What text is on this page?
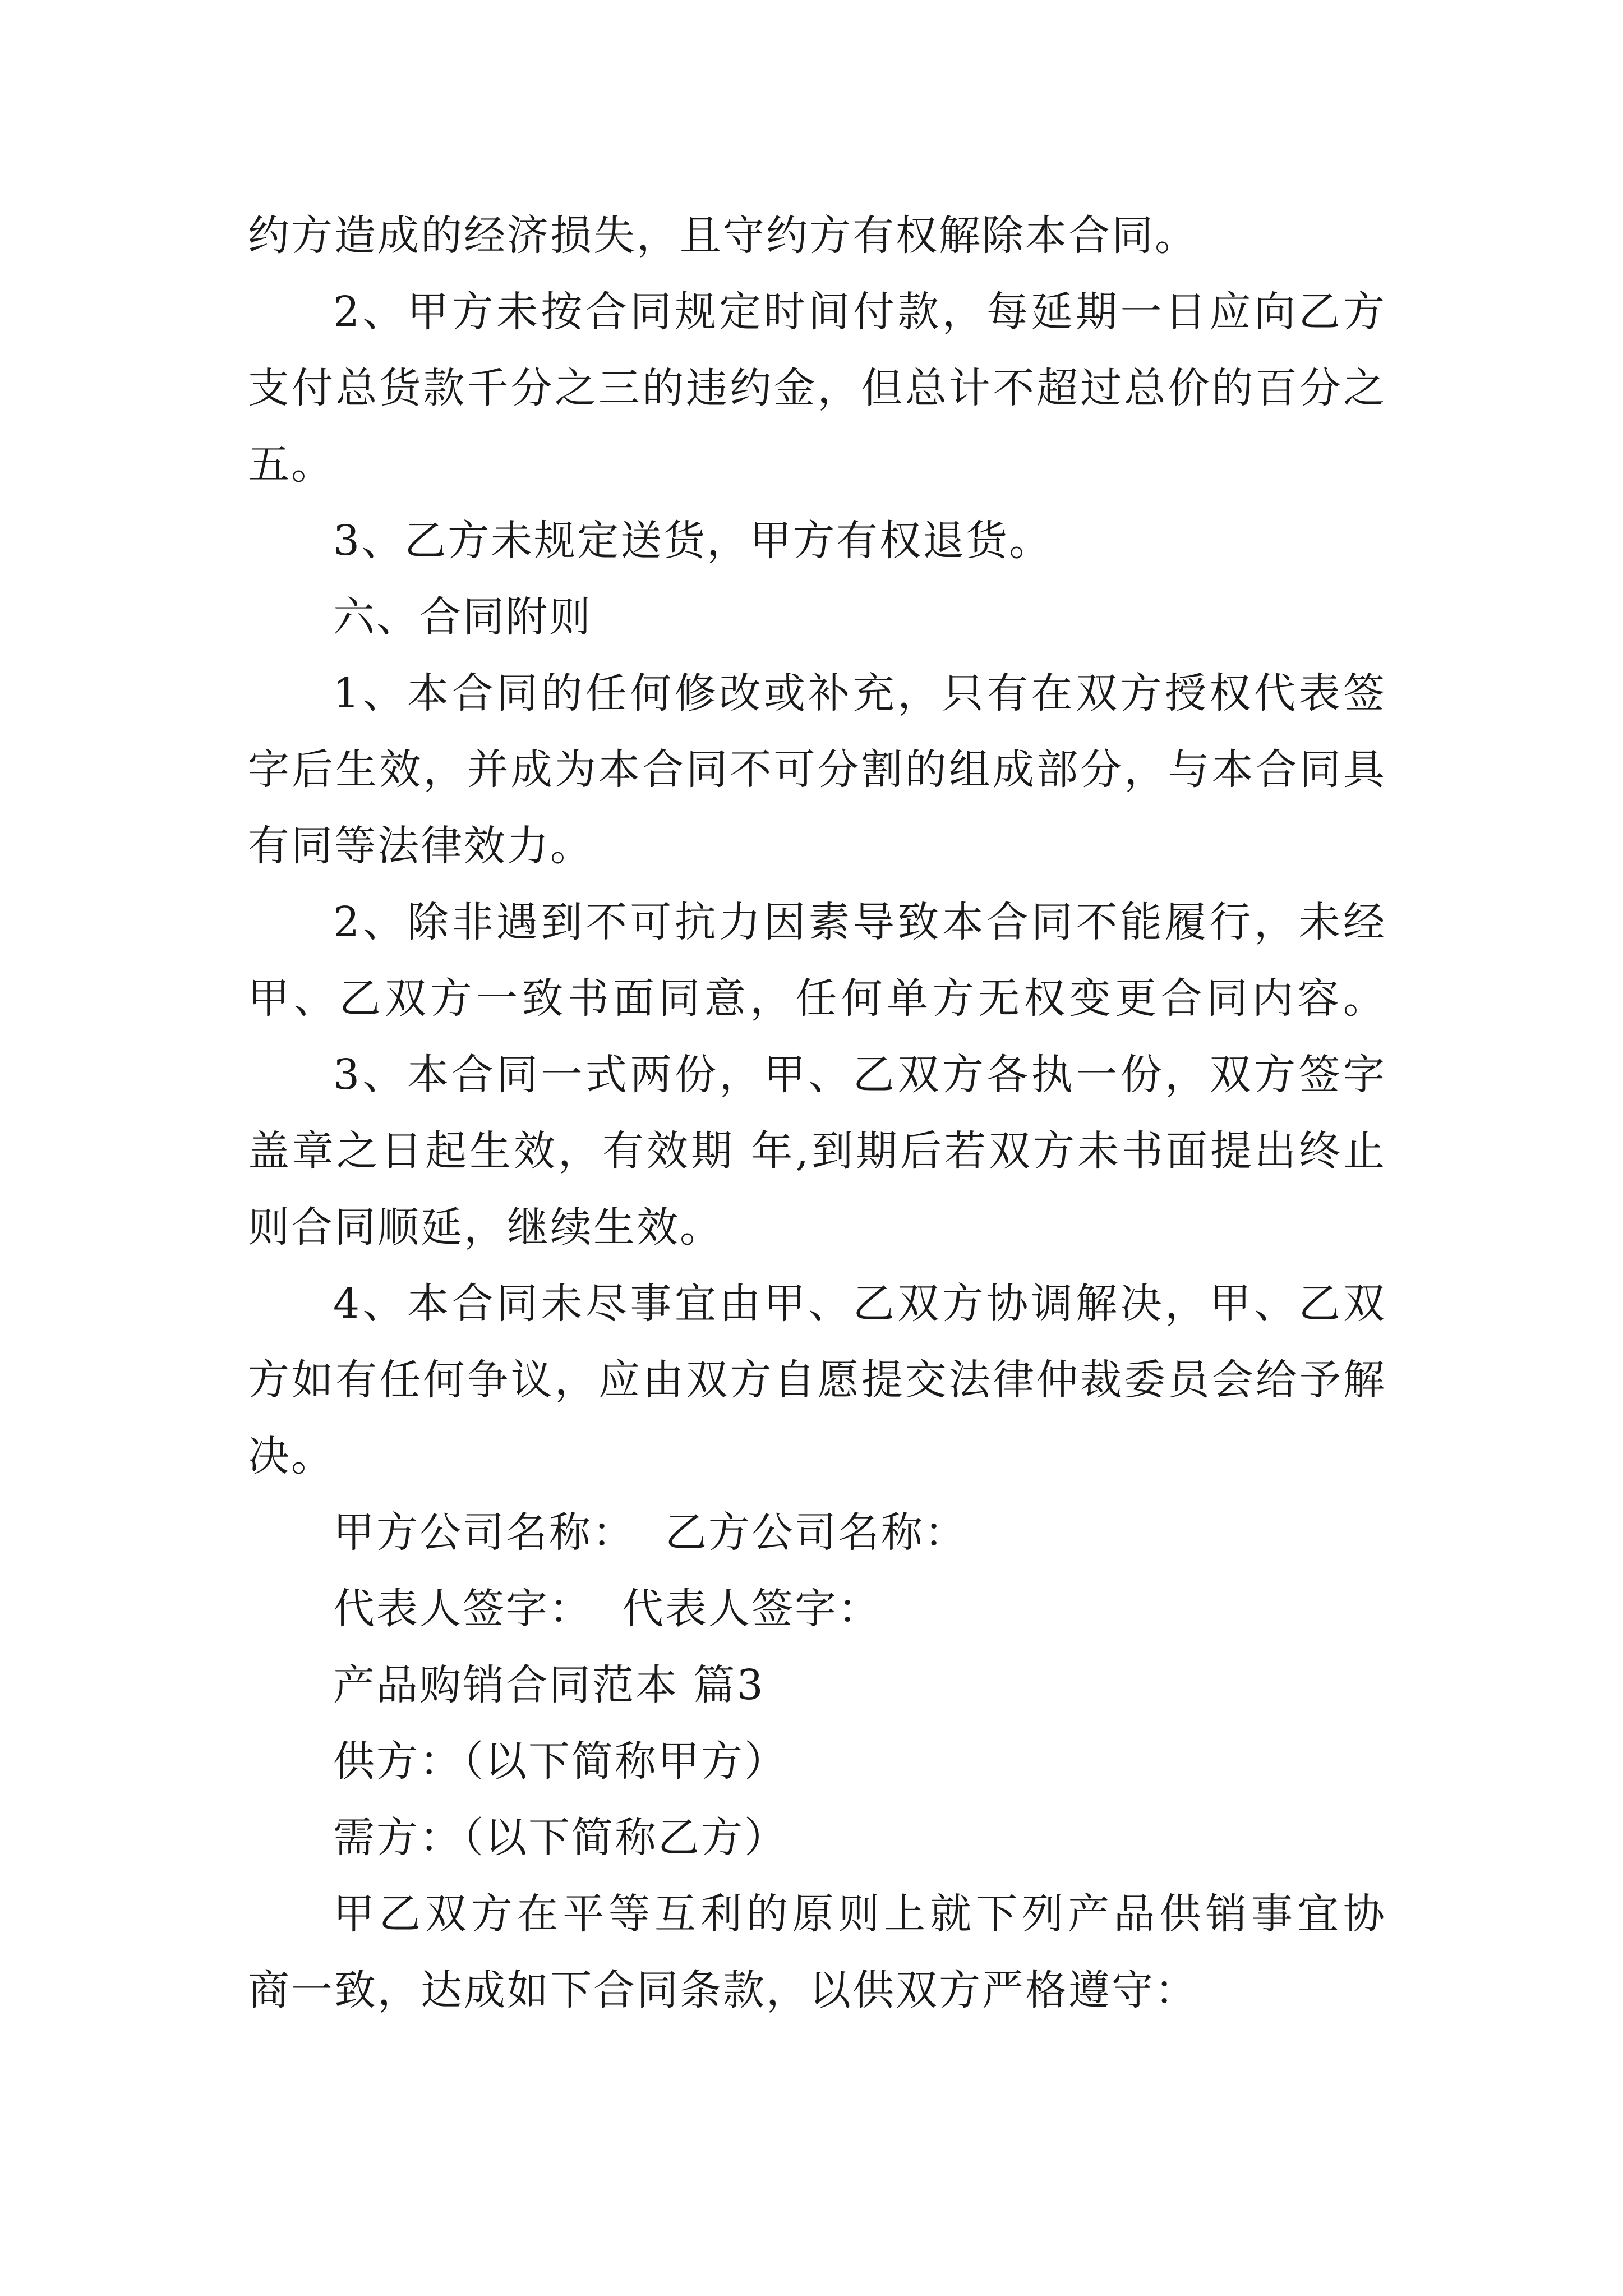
约方造成的经济损失，且守约方有权解除本合同。
2、甲方未按合同规定时间付款，每延期一日应向乙方
支付总货款千分之三的违约金，但总计不超过总价的百分之
五。
3、乙方未规定送货，甲方有权退货。
六、合同附则
1、本合同的任何修改或补充，只有在双方授权代表签
字后生效，并成为本合同不可分割的组成部分，与本合同具
有同等法律效力。
2、除非遇到不可抗力因素导致本合同不能履行，未经
甲、乙双方一致书面同意，任何单方无权变更合同内容。
3、本合同一式两份，甲、乙双方各执一份，双方签字
盖章之日起生效，有效期 年,到期后若双方未书面提出终止
则合同顺延，继续生效。
4、本合同未尽事宜由甲、乙双方协调解决，甲、乙双
方如有任何争议，应由双方自愿提交法律仲裁委员会给予解
决。
甲方公司名称：  乙方公司名称：
代表人签字：  代表人签字：
产品购销合同范本 篇3
供方：（以下简称甲方）
需方：（以下简称乙方）
甲乙双方在平等互利的原则上就下列产品供销事宜协
商一致，达成如下合同条款，以供双方严格遵守：
